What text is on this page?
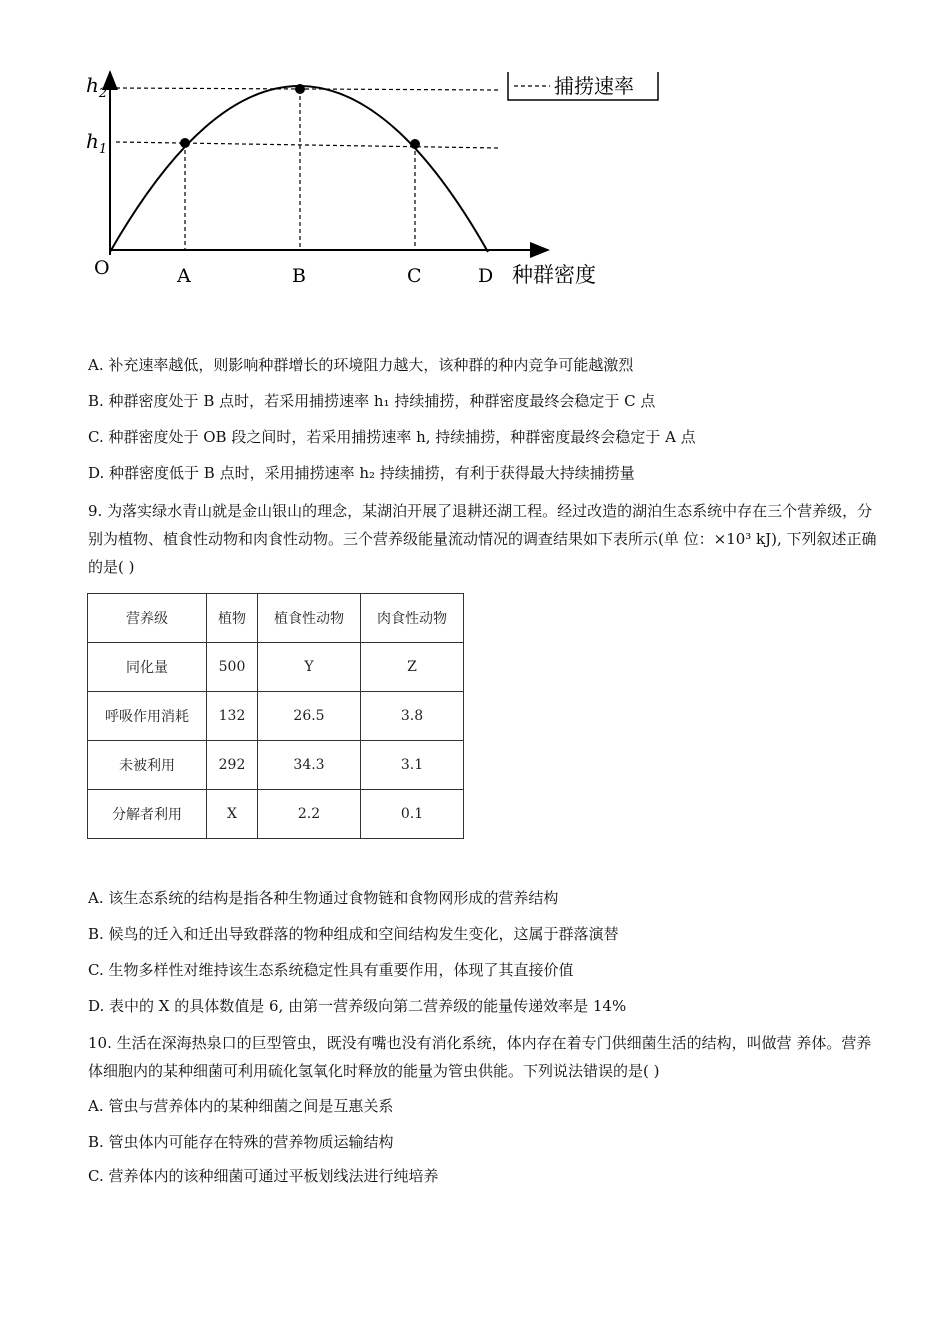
$h_2$
$h_1$
O	A	B	C	D 种群密度
捕捞速率
A. 补充速率越低，则影响种群增长的环境阻力越大，该种群的种内竞争可能越激烈
B. 种群密度处于 B 点时，若采用捕捞速率 h₁ 持续捕捞，种群密度最终会稳定于 C 点
C. 种群密度处于 OB 段之间时，若采用捕捞速率 h, 持续捕捞，种群密度最终会稳定于 A 点
D. 种群密度低于 B 点时，采用捕捞速率 h₂ 持续捕捞，有利于获得最大持续捕捞量
9. 为落实绿水青山就是金山银山的理念，某湖泊开展了退耕还湖工程。经过改造的湖泊生态系统中存在三个营养级，分别为植物、植食性动物和肉食性动物。三个营养级能量流动情况的调查结果如下表所示(单 位：×10³ kJ), 下列叙述正确的是( )
营养级	植物	植食性动物	肉食性动物
同化量	500	Y	Z
呼吸作用消耗	132	26.5	3.8
未被利用	292	34.3	3.1
分解者利用	X	2.2	0.1
A. 该生态系统的结构是指各种生物通过食物链和食物网形成的营养结构
B. 候鸟的迁入和迁出导致群落的物种组成和空间结构发生变化，这属于群落演替
C. 生物多样性对维持该生态系统稳定性具有重要作用，体现了其直接价值
D. 表中的 X 的具体数值是 6, 由第一营养级向第二营养级的能量传递效率是 14%
10. 生活在深海热泉口的巨型管虫，既没有嘴也没有消化系统，体内存在着专门供细菌生活的结构，叫做营 养体。营养体细胞内的某种细菌可利用硫化氢氧化时释放的能量为管虫供能。下列说法错误的是( )
A. 管虫与营养体内的某种细菌之间是互惠关系
B. 管虫体内可能存在特殊的营养物质运输结构
C. 营养体内的该种细菌可通过平板划线法进行纯培养
